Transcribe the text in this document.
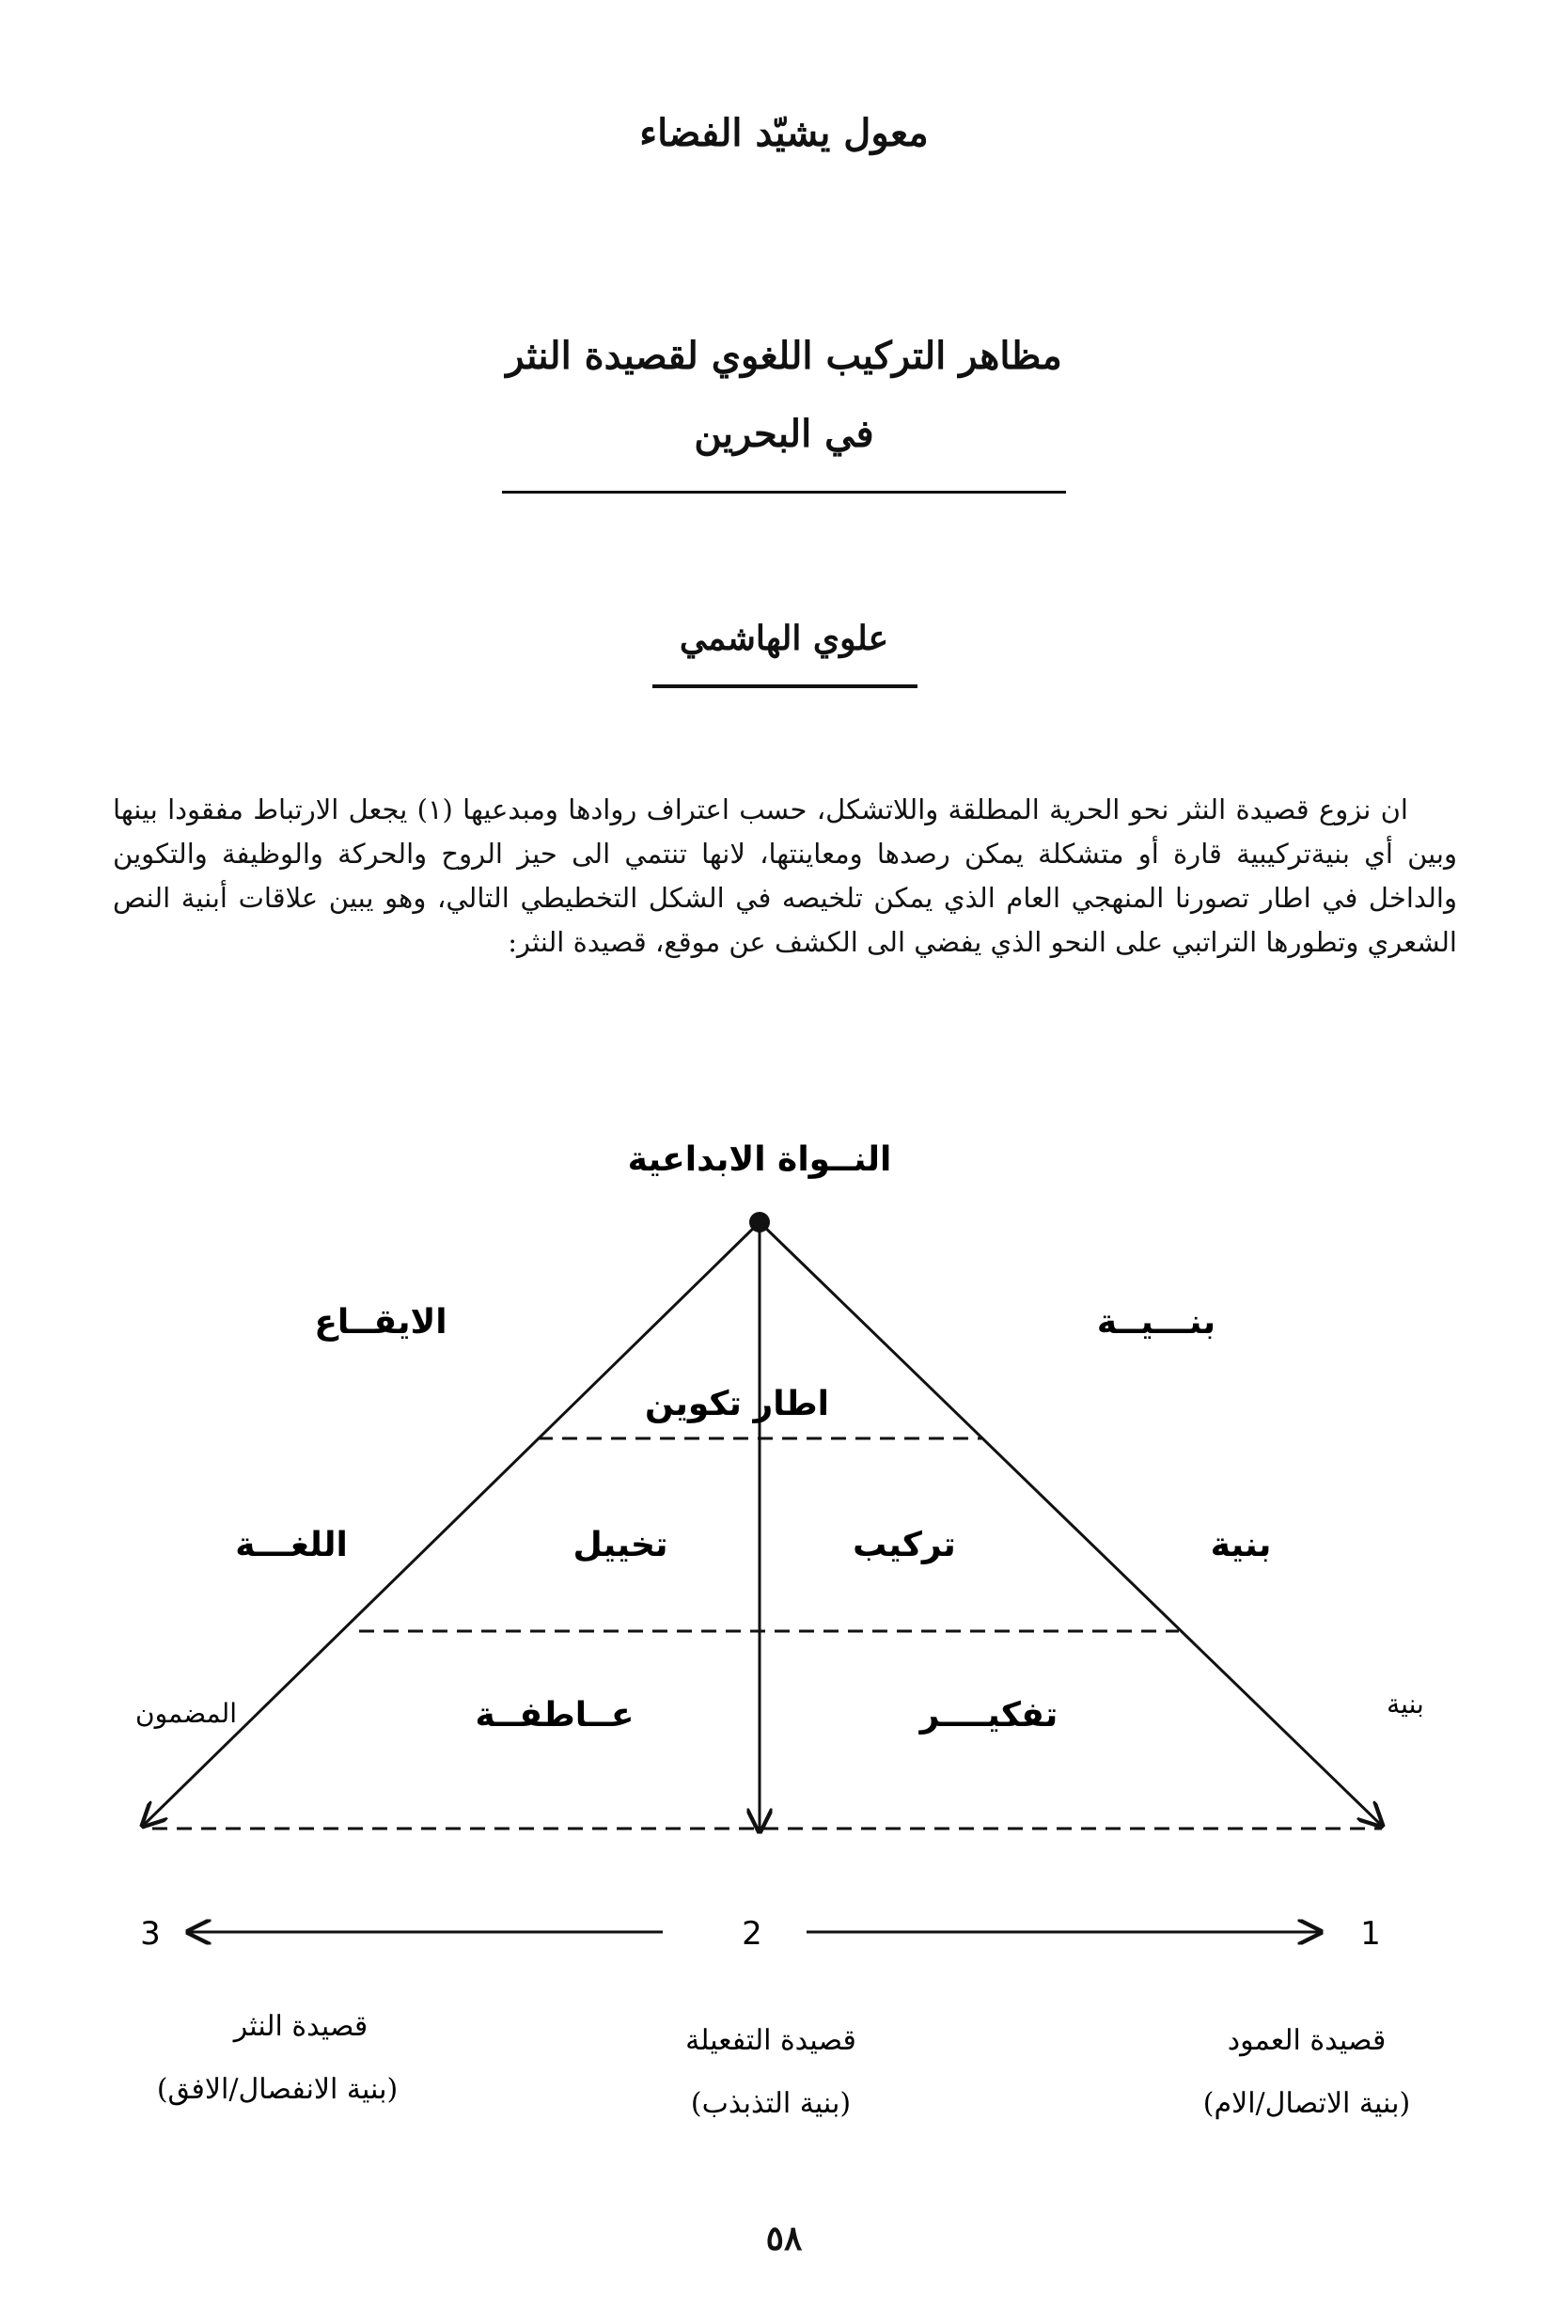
معول يشيّد الفضاء
مظاهر التركيب اللغوي لقصيدة النثر
في البحرين
علوي الهاشمي

ان نزوع قصيدة النثر نحو الحرية المطلقة واللاتشكل، حسب اعتراف روادها ومبدعيها (١) يجعل الارتباط مفقودا بينها وبين أي بنيةتركيبية قارة أو متشكلة يمكن رصدها ومعاينتها، لانها تنتمي الى حيز الروح والحركة والوظيفة والتكوين والداخل في اطار تصورنا المنهجي العام الذي يمكن تلخيصه في الشكل التخطيطي التالي، وهو يبين علاقات أبنية النص الشعري وتطورها التراتبي على النحو الذي يفضي الى الكشف عن موقع، قصيدة النثر:

النــواة الابداعية
الايقــاع	بنـــيــة
اطار تكوين
اللغـــة	تخييل	تركيب	بنية
المضمون	عــاطفــة	تفكيــــر	بنية
1
2
3
قصيدة العمود
(بنية الاتصال/الام)
قصيدة التفعيلة
(بنية التذبذب)
قصيدة النثر
(بنية الانفصال/الافق)
٥٨
